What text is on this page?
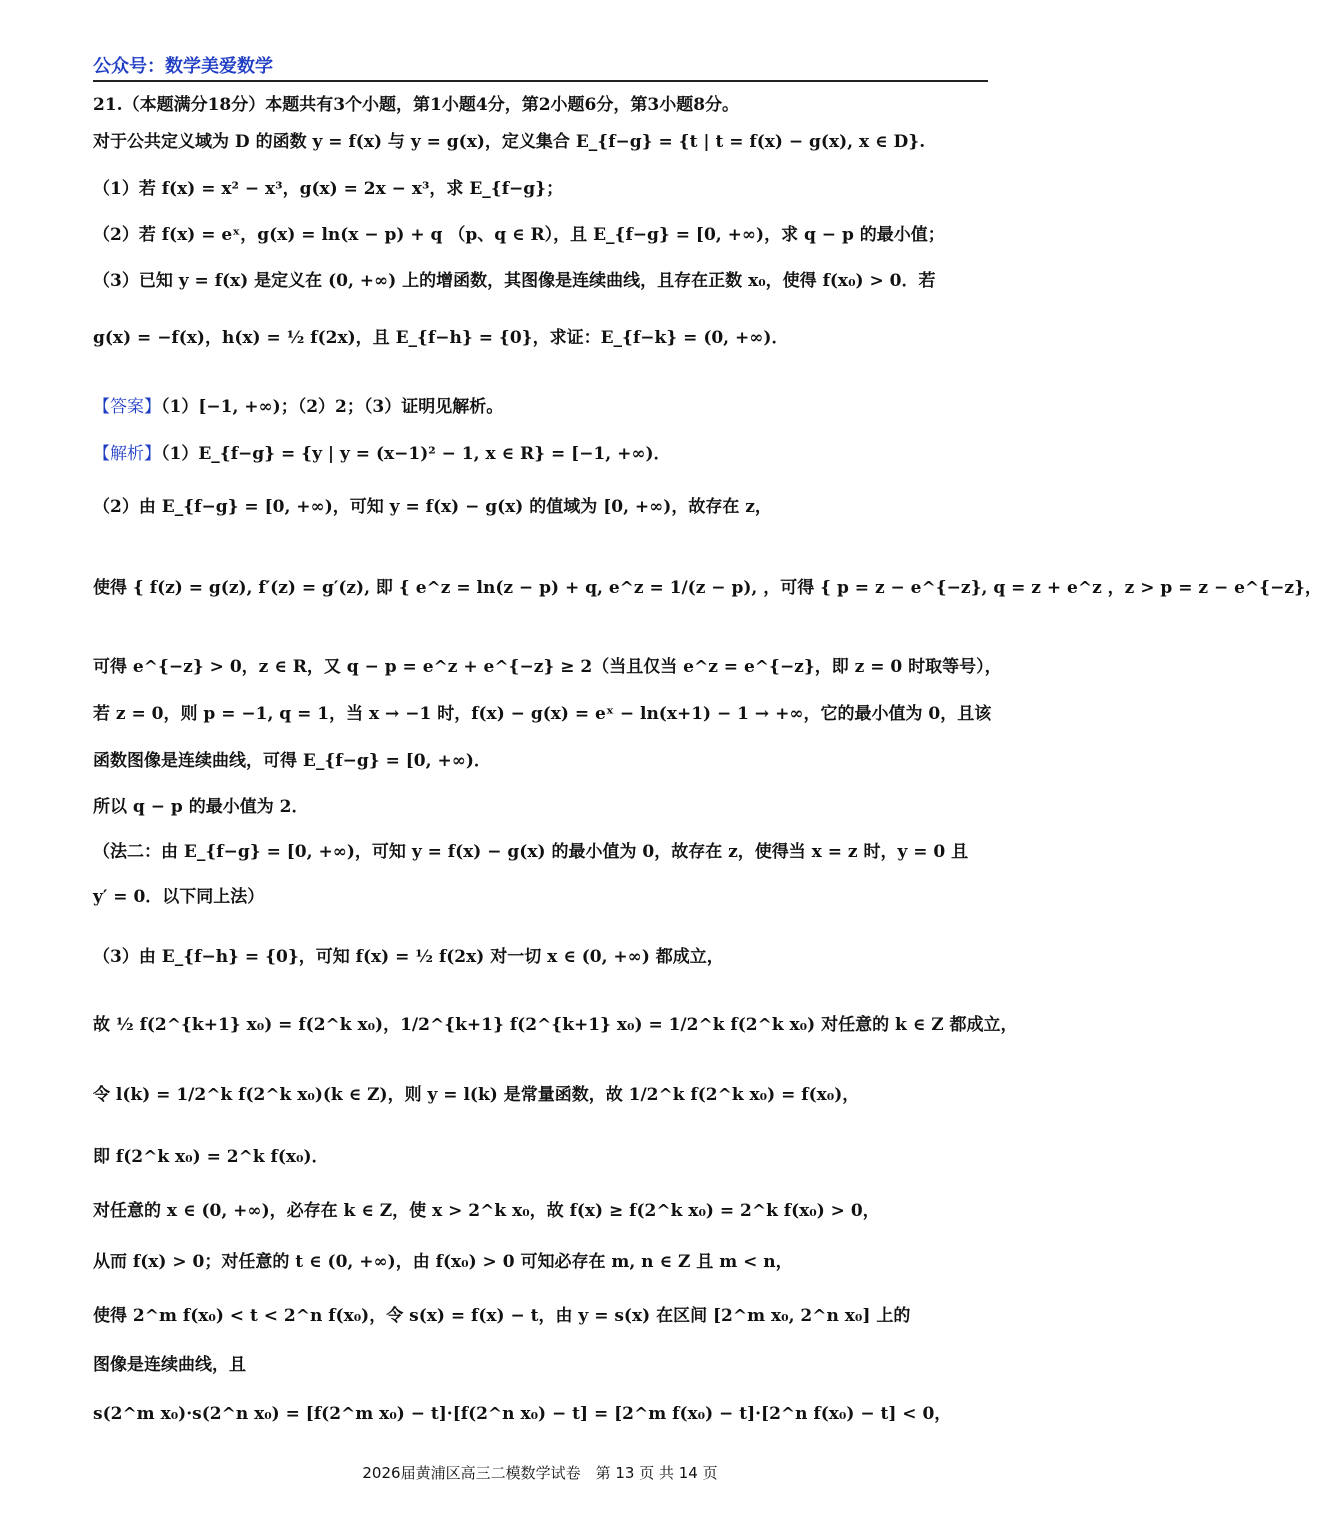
公众号：数学美爱数学
21.（本题满分18分）本题共有3个小题，第1小题4分，第2小题6分，第3小题8分。
对于公共定义域为 D 的函数 y = f(x) 与 y = g(x)，定义集合 E_{f−g} = {t | t = f(x) − g(x), x ∈ D}.
（1）若 f(x) = x² − x³，g(x) = 2x − x³，求 E_{f−g}；
（2）若 f(x) = eˣ，g(x) = ln(x − p) + q （p、q ∈ R），且 E_{f−g} = [0, +∞)，求 q − p 的最小值；
（3）已知 y = f(x) 是定义在 (0, +∞) 上的增函数，其图像是连续曲线，且存在正数 x₀，使得 f(x₀) > 0．若
g(x) = −f(x)，h(x) = ½ f(2x)，且 E_{f−h} = {0}，求证：E_{f−k} = (0, +∞)．
【答案】（1）[−1, +∞)；（2）2；（3）证明见解析。
【解析】（1）E_{f−g} = {y | y = (x−1)² − 1, x ∈ R} = [−1, +∞)．
（2）由 E_{f−g} = [0, +∞)，可知 y = f(x) − g(x) 的值域为 [0, +∞)，故存在 z，
使得 { f(z) = g(z), f′(z) = g′(z), 即 { e^z = ln(z − p) + q, e^z = 1/(z − p), ，可得 { p = z − e^{−z}, q = z + e^z ，z > p = z − e^{−z}，
可得 e^{−z} > 0，z ∈ R，又 q − p = e^z + e^{−z} ≥ 2（当且仅当 e^z = e^{−z}，即 z = 0 时取等号），
若 z = 0，则 p = −1, q = 1，当 x → −1 时，f(x) − g(x) = eˣ − ln(x+1) − 1 → +∞，它的最小值为 0，且该
函数图像是连续曲线，可得 E_{f−g} = [0, +∞)．
所以 q − p 的最小值为 2．
（法二：由 E_{f−g} = [0, +∞)，可知 y = f(x) − g(x) 的最小值为 0，故存在 z，使得当 x = z 时，y = 0 且
y′ = 0．以下同上法）
（3）由 E_{f−h} = {0}，可知 f(x) = ½ f(2x) 对一切 x ∈ (0, +∞) 都成立，
故 ½ f(2^{k+1} x₀) = f(2^k x₀)，1/2^{k+1} f(2^{k+1} x₀) = 1/2^k f(2^k x₀) 对任意的 k ∈ Z 都成立，
令 l(k) = 1/2^k f(2^k x₀)(k ∈ Z)，则 y = l(k) 是常量函数，故 1/2^k f(2^k x₀) = f(x₀)，
即 f(2^k x₀) = 2^k f(x₀)．
对任意的 x ∈ (0, +∞)，必存在 k ∈ Z，使 x > 2^k x₀，故 f(x) ≥ f(2^k x₀) = 2^k f(x₀) > 0，
从而 f(x) > 0；对任意的 t ∈ (0, +∞)，由 f(x₀) > 0 可知必存在 m, n ∈ Z 且 m < n，
使得 2^m f(x₀) < t < 2^n f(x₀)，令 s(x) = f(x) − t，由 y = s(x) 在区间 [2^m x₀, 2^n x₀] 上的
图像是连续曲线，且
s(2^m x₀)·s(2^n x₀) = [f(2^m x₀) − t]·[f(2^n x₀) − t] = [2^m f(x₀) − t]·[2^n f(x₀) − t] < 0，
2026届黄浦区高三二模数学试卷　第 13 页 共 14 页
